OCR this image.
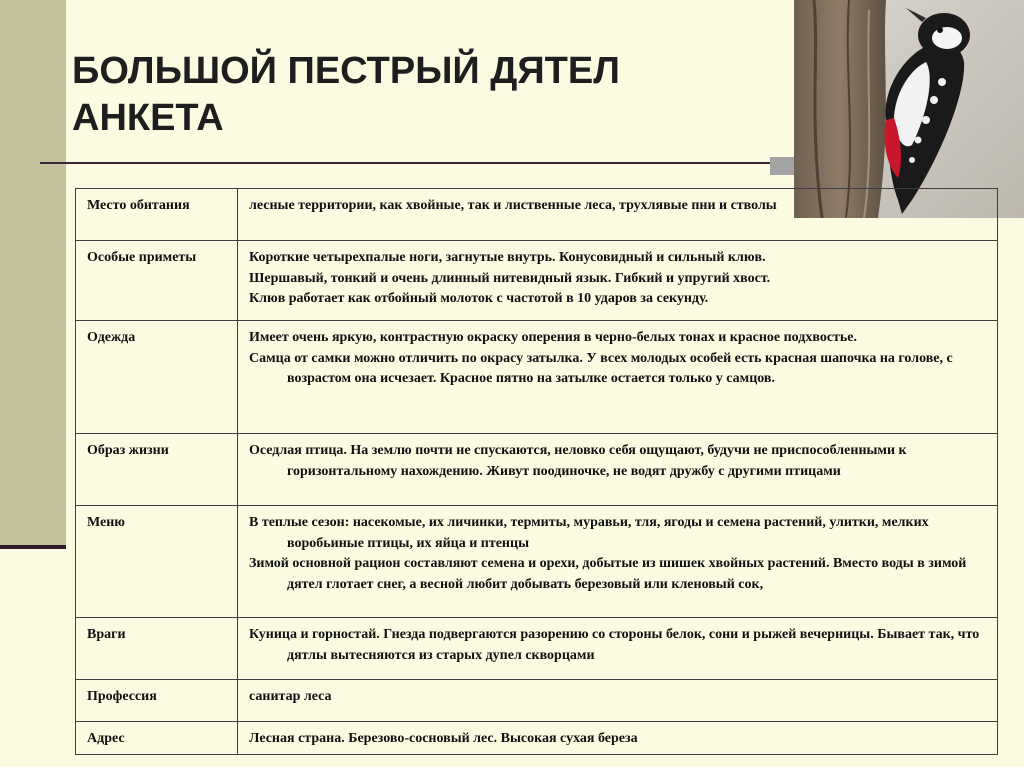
БОЛЬШОЙ ПЕСТРЫЙ ДЯТЕЛ
АНКЕТА
Место обитания	лесные территории, как хвойные, так и лиственные леса, трухлявые пни и стволы

Особые приметы	Короткие четырехпалые ноги, загнутые внутрь. Конусовидный и сильный клюв.
Шершавый, тонкий и очень длинный нитевидный язык. Гибкий и упругий хвост.
Клюв работает как отбойный молоток с частотой в 10 ударов за секунду.

Одежда	Имеет очень яркую, контрастную окраску оперения в черно-белых тонах и красное подхвостье.
Самца от самки можно отличить по окрасу затылка. У всех молодых особей есть красная шапочка на голове, с возрастом она исчезает. Красное пятно на затылке остается только у самцов.

Образ жизни	Оседлая птица. На землю почти не спускаются, неловко себя ощущают, будучи не приспособленными к горизонтальному нахождению. Живут поодиночке, не водят дружбу с другими птицами

Меню	В теплые сезон: насекомые, их личинки, термиты, муравьи, тля, ягоды и семена растений, улитки, мелких воробьиные птицы, их яйца и птенцы
Зимой основной рацион составляют семена и орехи, добытые из шишек хвойных растений. Вместо воды в зимой дятел глотает снег, а весной любит добывать березовый или кленовый сок,

Враги	Куница и горностай. Гнезда подвергаются разорению со стороны белок, сони и рыжей вечерницы. Бывает так, что дятлы вытесняются из старых дупел скворцами

Профессия	санитар леса

Адрес	Лесная страна. Березово-сосновый лес. Высокая сухая береза
